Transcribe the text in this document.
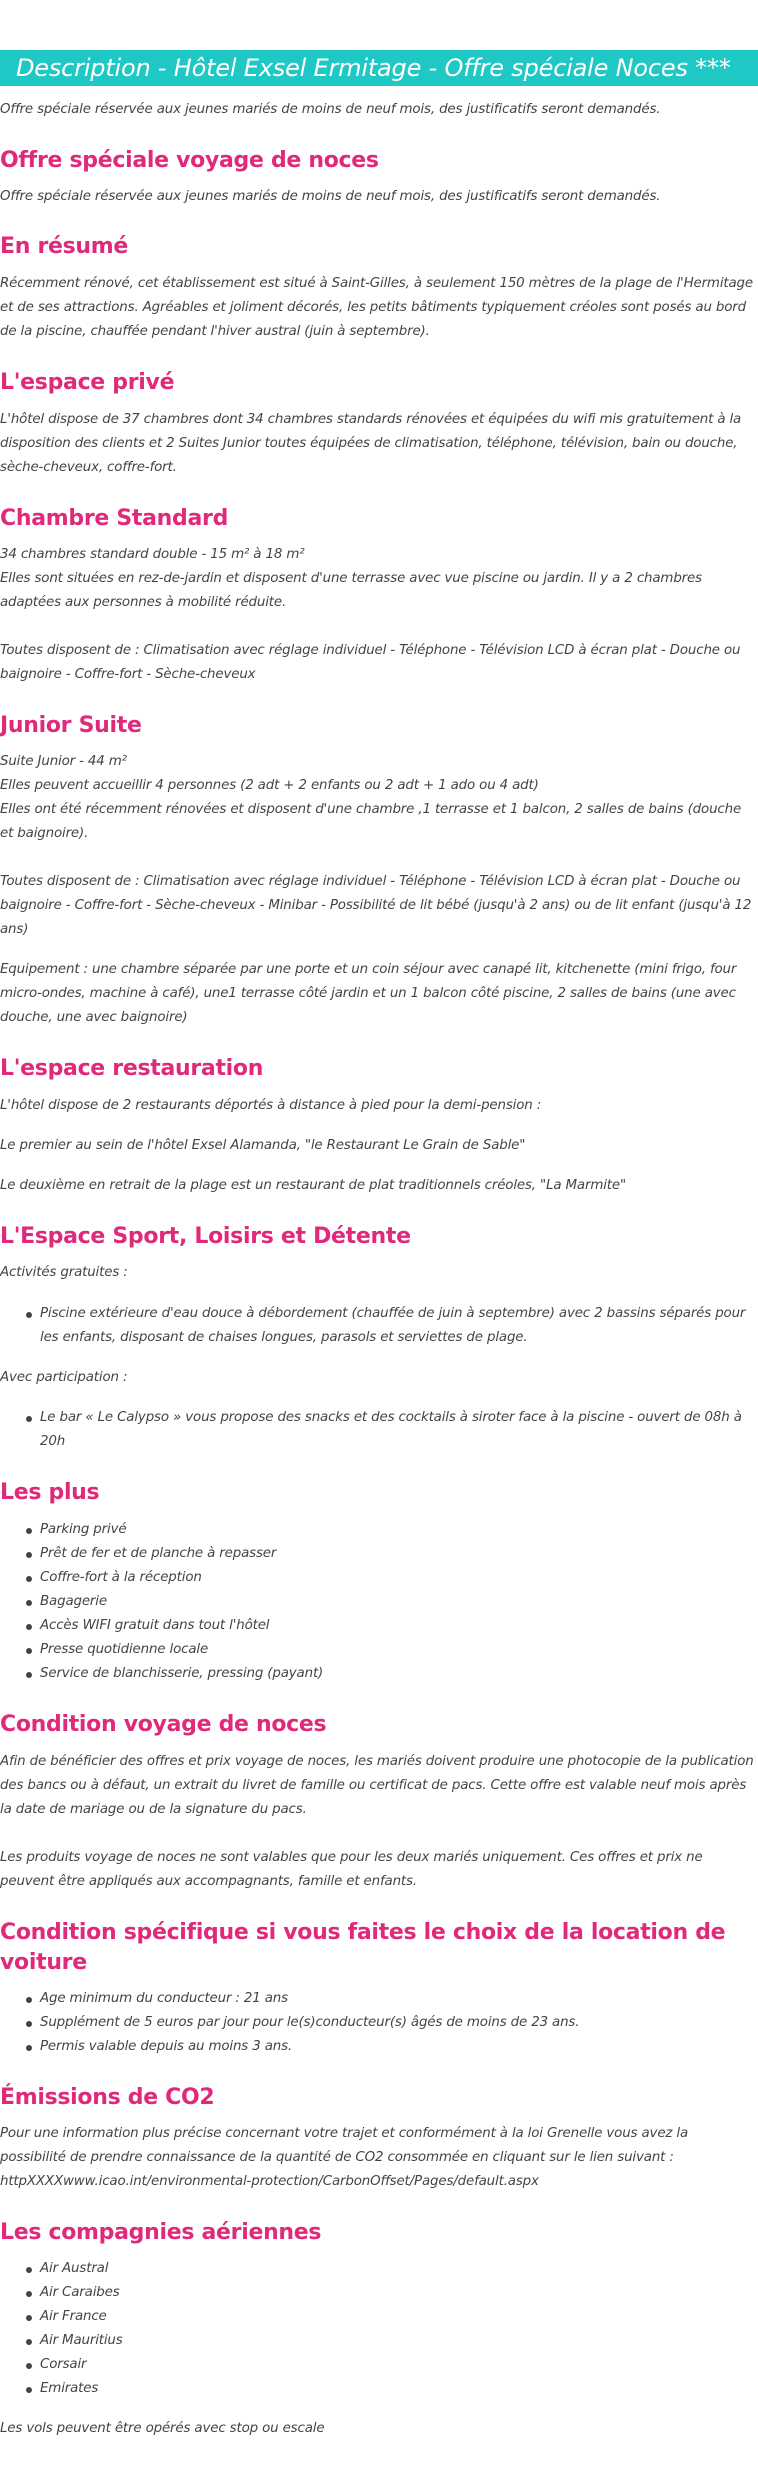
Description - Hôtel Exsel Ermitage - Offre spéciale Noces ***

Offre spéciale réservée aux jeunes mariés de moins de neuf mois, des justificatifs seront demandés.

Offre spéciale voyage de noces

Offre spéciale réservée aux jeunes mariés de moins de neuf mois, des justificatifs seront demandés.

En résumé

Récemment rénové, cet établissement est situé à Saint-Gilles, à seulement 150 mètres de la plage de l'Hermitage et de ses attractions. Agréables et joliment décorés, les petits bâtiments typiquement créoles sont posés au bord de la piscine, chauffée pendant l'hiver austral (juin à septembre).

L'espace privé

L'hôtel dispose de 37 chambres dont 34 chambres standards rénovées et équipées du wifi mis gratuitement à la disposition des clients et 2 Suites Junior toutes équipées de climatisation, téléphone, télévision, bain ou douche, sèche-cheveux, coffre-fort.

Chambre Standard

34 chambres standard double - 15 m² à 18 m²

Elles sont situées en rez-de-jardin et disposent d'une terrasse avec vue piscine ou jardin. Il y a 2 chambres adaptées aux personnes à mobilité réduite.

Toutes disposent de : Climatisation avec réglage individuel - Téléphone - Télévision LCD à écran plat - Douche ou baignoire - Coffre-fort - Sèche-cheveux

Junior Suite

Suite Junior - 44 m²

Elles peuvent accueillir 4 personnes (2 adt + 2 enfants ou 2 adt + 1 ado ou 4 adt)

Elles ont été récemment rénovées et disposent d'une chambre ,1 terrasse et 1 balcon, 2 salles de bains (douche et baignoire).

Toutes disposent de : Climatisation avec réglage individuel - Téléphone - Télévision LCD à écran plat - Douche ou baignoire - Coffre-fort - Sèche-cheveux - Minibar - Possibilité de lit bébé (jusqu'à 2 ans) ou de lit enfant (jusqu'à 12 ans)

Equipement : une chambre séparée par une porte et un coin séjour avec canapé lit, kitchenette (mini frigo, four micro-ondes, machine à café), une1 terrasse côté jardin et un 1 balcon côté piscine, 2 salles de bains (une avec douche, une avec baignoire)

L'espace restauration

L'hôtel dispose de 2 restaurants déportés à distance à pied pour la demi-pension :

Le premier au sein de l'hôtel Exsel Alamanda, "le Restaurant Le Grain de Sable"

Le deuxième en retrait de la plage est un restaurant de plat traditionnels créoles, "La Marmite"

L'Espace Sport, Loisirs et Détente

Activités gratuites :

Piscine extérieure d'eau douce à débordement (chauffée de juin à septembre) avec 2 bassins séparés pour les enfants, disposant de chaises longues, parasols et serviettes de plage.

Avec participation :

Le bar « Le Calypso » vous propose des snacks et des cocktails à siroter face à la piscine - ouvert de 08h à 20h
Les plus
Parking privé
Prêt de fer et de planche à repasser
Coffre-fort à la réception
Bagagerie
Accès WIFI gratuit dans tout l'hôtel
Presse quotidienne locale
Service de blanchisserie, pressing (payant)
Condition voyage de noces

Afin de bénéficier des offres et prix voyage de noces, les mariés doivent produire une photocopie de la publication des bancs ou à défaut, un extrait du livret de famille ou certificat de pacs. Cette offre est valable neuf mois après la date de mariage ou de la signature du pacs.

Les produits voyage de noces ne sont valables que pour les deux mariés uniquement. Ces offres et prix ne peuvent être appliqués aux accompagnants, famille et enfants.

Condition spécifique si vous faites le choix de la location de voiture
Age minimum du conducteur : 21 ans
Supplément de 5 euros par jour pour le(s)conducteur(s) âgés de moins de 23 ans.
Permis valable depuis au moins 3 ans.
Émissions de CO2

Pour une information plus précise concernant votre trajet et conformément à la loi Grenelle vous avez la possibilité de prendre connaissance de la quantité de CO2 consommée en cliquant sur le lien suivant : httpXXXXwww.icao.int/environmental-protection/CarbonOffset/Pages/default.aspx

Les compagnies aériennes
Air Austral
Air Caraibes
Air France
Air Mauritius
Corsair
Emirates

Les vols peuvent être opérés avec stop ou escale
